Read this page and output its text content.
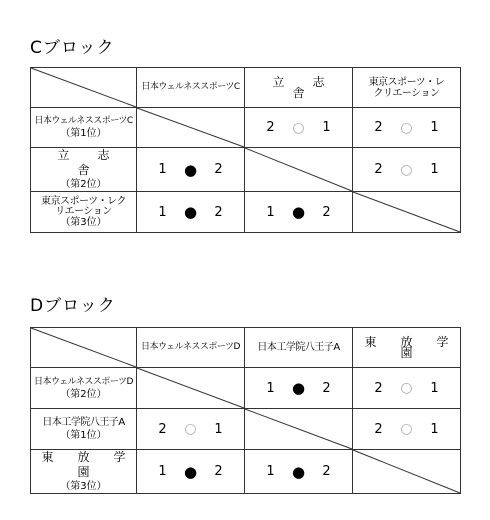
Cブロック

日本ウェルネススポーツC	立　志　舎	東京スポーツ・レクリエーション

日本ウェルネススポーツC
（第1位）		2 ○ 1	2 ○ 1

立　志　舎
（第2位）	1 ● 2		2 ○ 1

東京スポーツ・レクリエーション
（第3位）	1 ● 2	1 ● 2

Dブロック

日本ウェルネススポーツD	日本工学院八王子A	東　放　学　園

日本ウェルネススポーツD
（第2位）		1 ● 2	2 ○ 1

日本工学院八王子A
（第1位）	2 ○ 1		2 ○ 1

東　放　学　園
（第3位）	1 ● 2	1 ● 2
